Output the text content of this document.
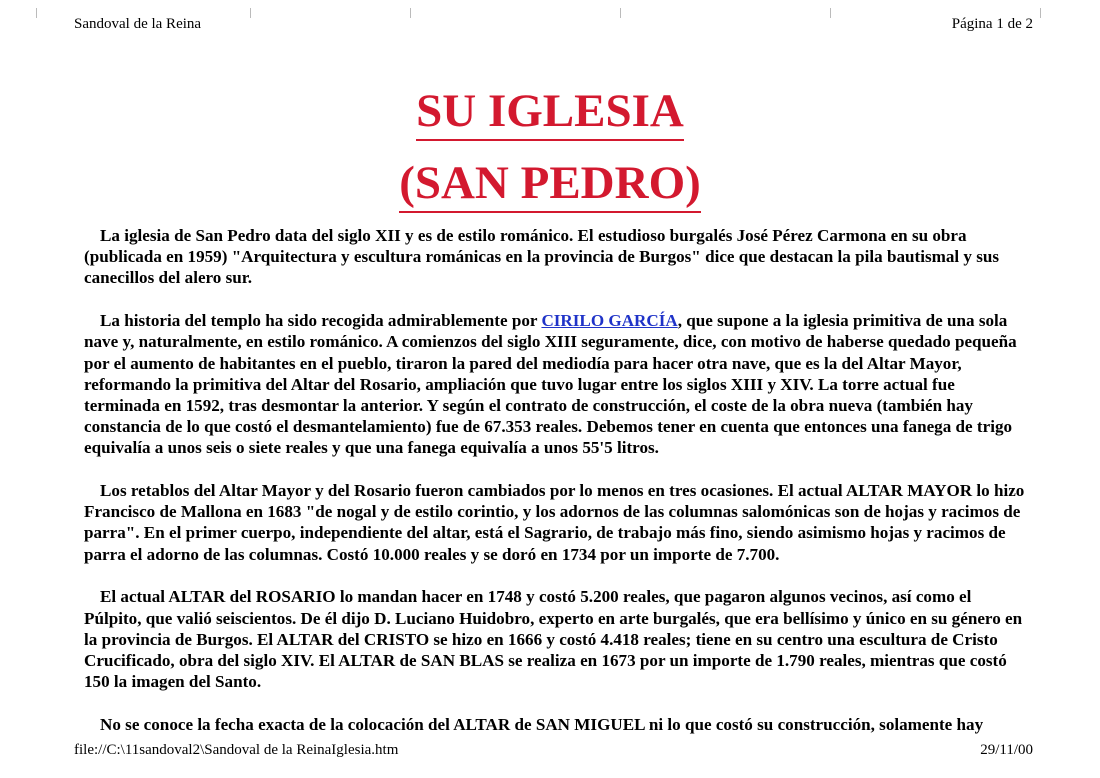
Sandoval de la Reina	Página 1 de 2
SU IGLESIA
(SAN PEDRO)

La iglesia de San Pedro data del siglo XII y es de estilo románico. El estudioso burgalés José Pérez Carmona en su obra (publicada en 1959) "Arquitectura y escultura románicas en la provincia de Burgos" dice que destacan la pila bautismal y sus canecillos del alero sur.

La historia del templo ha sido recogida admirablemente por CIRILO GARCÍA, que supone a la iglesia primitiva de una sola nave y, naturalmente, en estilo románico. A comienzos del siglo XIII seguramente, dice, con motivo de haberse quedado pequeña por el aumento de habitantes en el pueblo, tiraron la pared del mediodía para hacer otra nave, que es la del Altar Mayor, reformando la primitiva del Altar del Rosario, ampliación que tuvo lugar entre los siglos XIII y XIV. La torre actual fue terminada en 1592, tras desmontar la anterior. Y según el contrato de construcción, el coste de la obra nueva (también hay constancia de lo que costó el desmantelamiento) fue de 67.353 reales. Debemos tener en cuenta que entonces una fanega de trigo equivalía a unos seis o siete reales y que una fanega equivalía a unos 55'5 litros.

Los retablos del Altar Mayor y del Rosario fueron cambiados por lo menos en tres ocasiones. El actual ALTAR MAYOR lo hizo Francisco de Mallona en 1683 "de nogal y de estilo corintio, y los adornos de las columnas salomónicas son de hojas y racimos de parra". En el primer cuerpo, independiente del altar, está el Sagrario, de trabajo más fino, siendo asimismo hojas y racimos de parra el adorno de las columnas. Costó 10.000 reales y se doró en 1734 por un importe de 7.700.

El actual ALTAR del ROSARIO lo mandan hacer en 1748 y costó 5.200 reales, que pagaron algunos vecinos, así como el Púlpito, que valió seiscientos. De él dijo D. Luciano Huidobro, experto en arte burgalés, que era bellísimo y único en su género en la provincia de Burgos. El ALTAR del CRISTO se hizo en 1666 y costó 4.418 reales; tiene en su centro una escultura de Cristo Crucificado, obra del siglo XIV. El ALTAR de SAN BLAS se realiza en 1673 por un importe de 1.790 reales, mientras que costó 150 la imagen del Santo.

No se conoce la fecha exacta de la colocación del ALTAR de SAN MIGUEL ni lo que costó su construcción, solamente hay

file://C:\11sandoval2\Sandoval de la ReinaIglesia.htm	29/11/00
